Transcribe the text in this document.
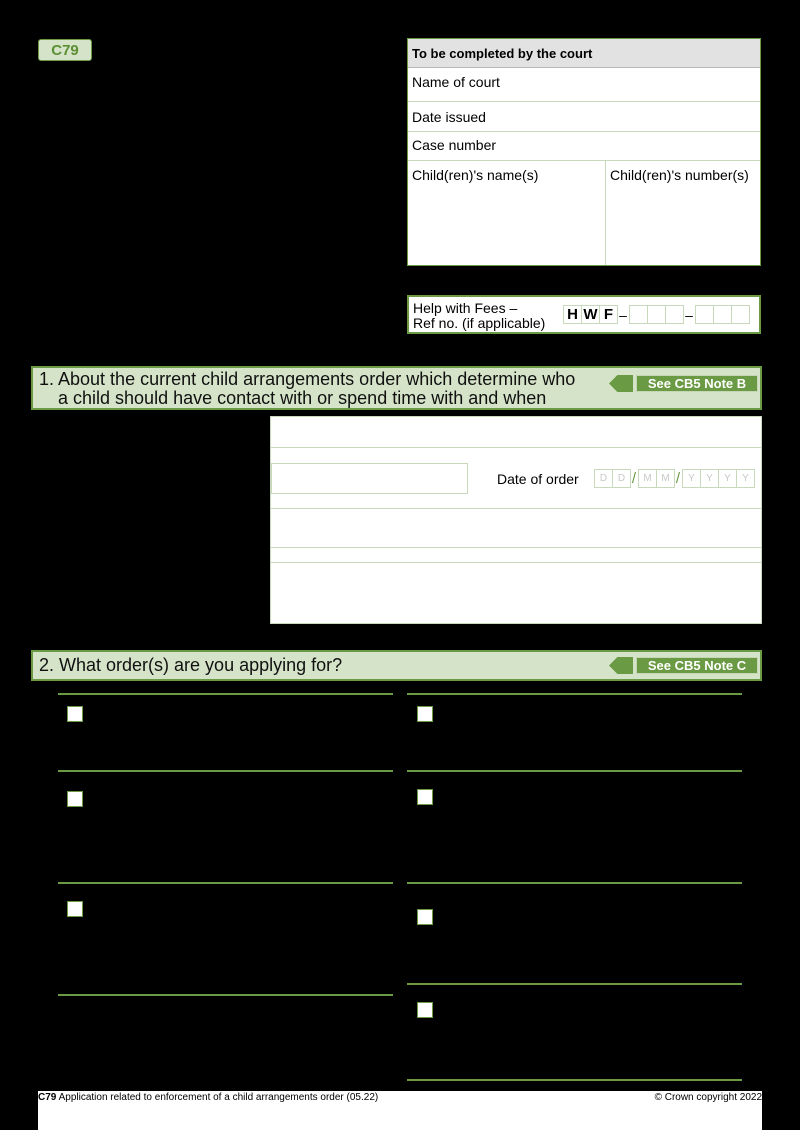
C79	To be completed by the court
Name of court
Date issued
Case number
Child(ren)'s name(s)	Child(ren)'s number(s)
Help with Fees –
Ref no. (if applicable) H W F –	–
1. About the current child arrangements order which determine who
a child should have contact with or spend time with and when
See CB5 Note B
Date of order	D	D / M M / Y	Y	Y	Y
2. What order(s) are you applying for?	See CB5 Note C
C79 Application related to enforcement of a child arrangements order (05.22)	© Crown copyright 2022
